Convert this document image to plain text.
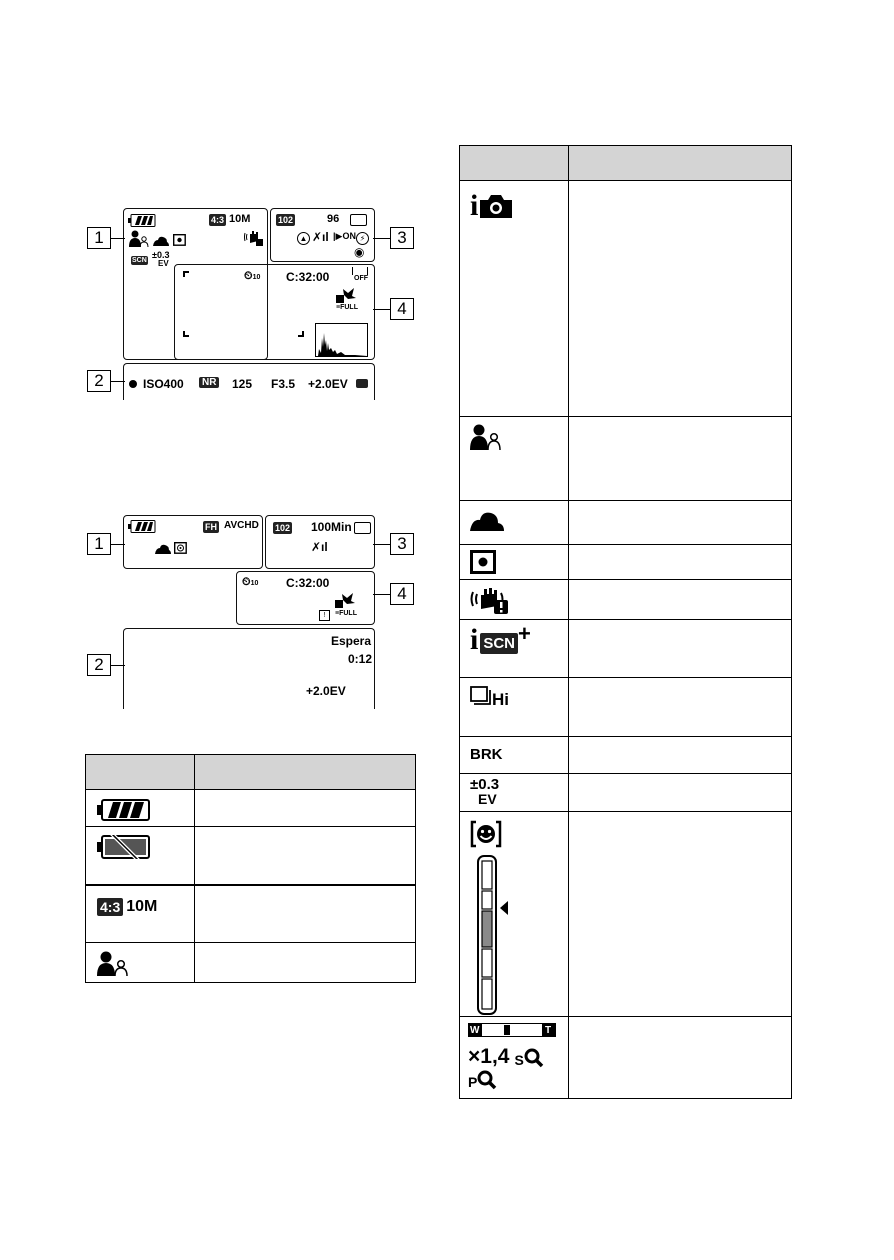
4:3 10M
SCN
±0.3
EV
102	96
▲ ✗ıl |▶ON ⚡
◉
⏲10 C:32:00	OFF
≡FULL
ISO400	NR 125 F3.5 +2.0EV
1	3
4
2
FH AVCHD 102 100Min
✗ıl
⏲10 C:32:00
!	≡FULL
Espera
0:12
+2.0EV
1	3
4
2

4:3 10M	

i	

i SCN +	

Hi	

BRK	

±0.3
EV	

×1,4 S
P	

W	T
